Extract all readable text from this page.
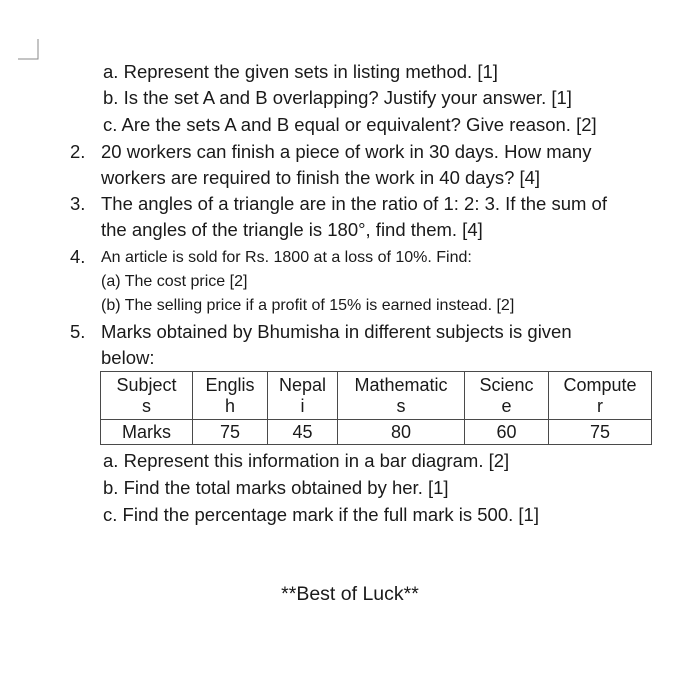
a. Represent the given sets in listing method. [1]
b. Is the set A and B overlapping? Justify your answer. [1]
c. Are the sets A and B equal or equivalent? Give reason. [2]
2. 20 workers can finish a piece of work in 30 days. How many
workers are required to finish the work in 40 days? [4]
3. The angles of a triangle are in the ratio of 1: 2: 3. If the sum of
the angles of the triangle is 180°, find them. [4]
4. An article is sold for Rs. 1800 at a loss of 10%. Find:
(a) The cost price [2]
(b) The selling price if a profit of 15% is earned instead. [2]
5. Marks obtained by Bhumisha in different subjects is given
below:
Subject	Englis	Nepal	Mathematic	Scienc	Compute
s	h	i	s	e	r
Marks	75	45	80	60	75
a. Represent this information in a bar diagram. [2]
b. Find the total marks obtained by her. [1]
c. Find the percentage mark if the full mark is 500. [1]
**Best of Luck**
